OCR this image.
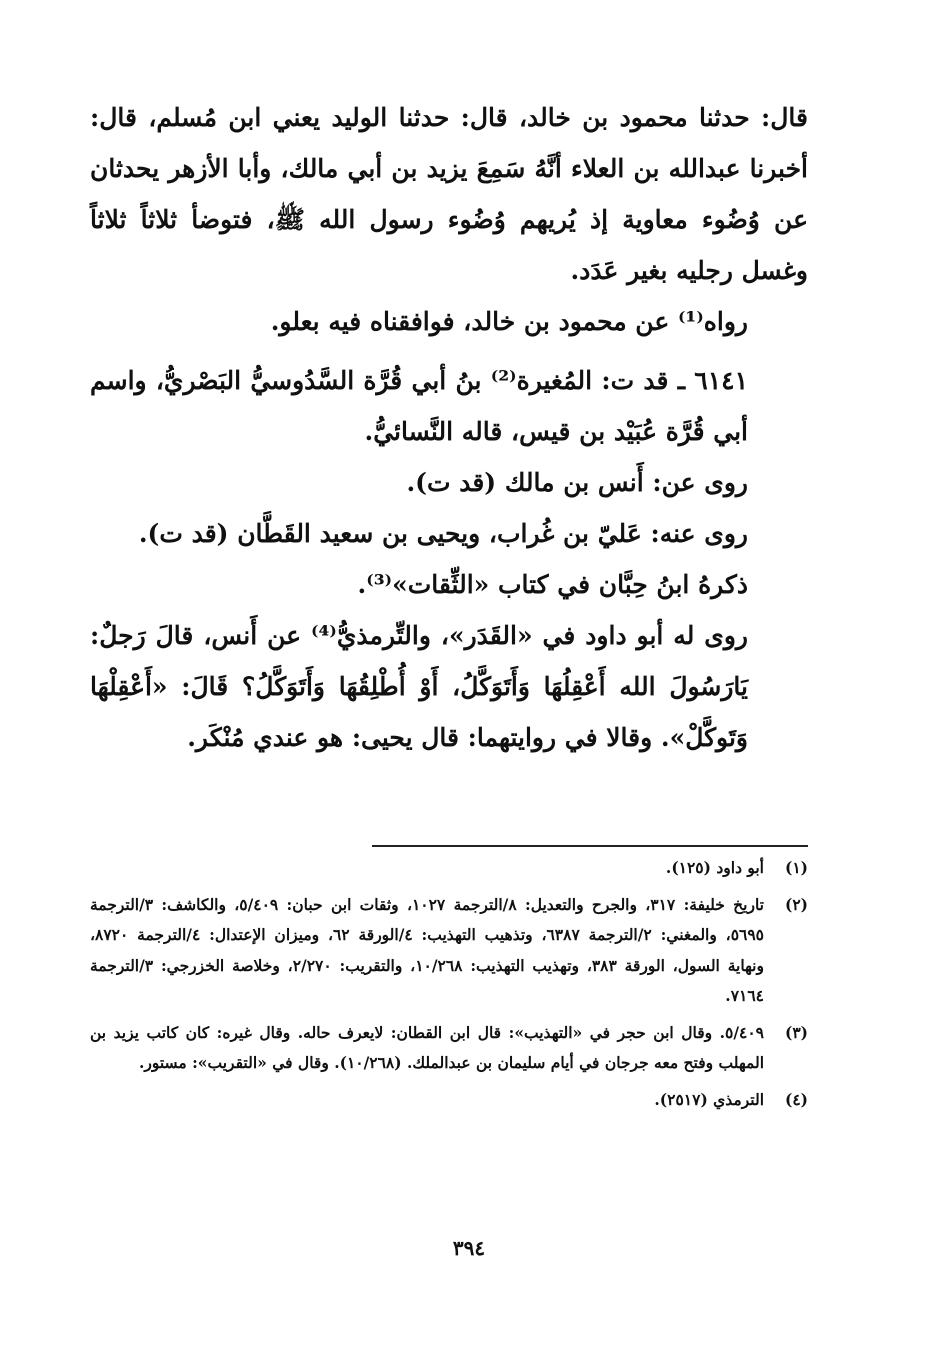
قال: حدثنا محمود بن خالد، قال: حدثنا الوليد يعني ابن مُسلم، قال: أخبرنا عبدالله بن العلاء أنَّهُ سَمِعَ يزيد بن أبي مالك، وأبا الأزهر يحدثان عن وُضُوء معاوية إذ يُريهم وُضُوء رسول الله ﷺ، فتوضأ ثلاثاً ثلاثاً وغسل رجليه بغير عَدَد.

رواه⁽¹⁾ عن محمود بن خالد، فوافقناه فيه بعلو.

٦١٤١ ـ قد ت: المُغيرة⁽²⁾ بنُ أبي قُرَّة السَّدُوسيُّ البَصْريُّ، واسم أبي قُرَّة عُبَيْد بن قيس، قاله النَّسائيُّ.

روى عن: أَنس بن مالك (قد ت).

روى عنه: عَليّ بن غُراب، ويحيى بن سعيد القَطَّان (قد ت).

ذكرهُ ابنُ حِبَّان في كتاب «الثِّقات»⁽³⁾.

روى له أبو داود في «القَدَر»، والتِّرمذيُّ⁽⁴⁾ عن أَنس، قالَ رَجلٌ: يَارَسُولَ الله أَعْقِلُهَا وَأَتَوَكَّلُ، أَوْ أُطْلِقُهَا وَأَتَوَكَّلُ؟ قَالَ: «أَعْقِلْهَا وَتَوكَّلْ». وقالا في روايتهما: قال يحيى: هو عندي مُنْكَر.

(١)
أبو داود (١٢٥).
(٢)
تاريخ خليفة: ٣١٧، والجرح والتعديل: ٨/الترجمة ١٠٢٧، وثقات ابن حبان: ٥/٤٠٩، والكاشف: ٣/الترجمة ٥٦٩٥، والمغني: ٢/الترجمة ٦٣٨٧، وتذهيب التهذيب: ٤/الورقة ٦٢، وميزان الإعتدال: ٤/الترجمة ٨٧٢٠، ونهاية السول، الورقة ٣٨٣، وتهذيب التهذيب: ١٠/٢٦٨، والتقريب: ٢/٢٧٠، وخلاصة الخزرجي: ٣/الترجمة ٧١٦٤.
(٣)
٥/٤٠٩. وقال ابن حجر في «التهذيب»: قال ابن القطان: لايعرف حاله. وقال غيره: كان كاتب يزيد بن المهلب وفتح معه جرجان في أيام سليمان بن عبدالملك. (١٠/٢٦٨). وقال في «التقريب»: مستور.
(٤)
الترمذي (٢٥١٧).
٣٩٤
